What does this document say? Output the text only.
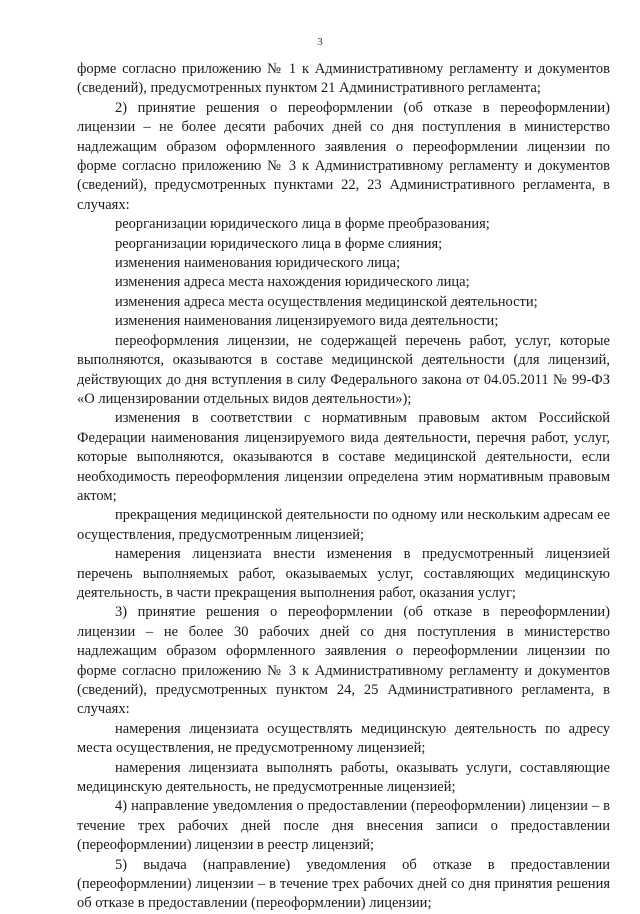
3

форме согласно приложению № 1 к Административному регламенту и документов (сведений), предусмотренных пунктом 21 Административного регламента;

2) принятие решения о переоформлении (об отказе в переоформлении) лицензии – не более десяти рабочих дней со дня поступления в министерство надлежащим образом оформленного заявления о переоформлении лицензии по форме согласно приложению № 3 к Административному регламенту и документов (сведений), предусмотренных пунктами 22, 23 Административного регламента, в случаях:

реорганизации юридического лица в форме преобразования;

реорганизации юридического лица в форме слияния;

изменения наименования юридического лица;

изменения адреса места нахождения юридического лица;

изменения адреса места осуществления медицинской деятельности;

изменения наименования лицензируемого вида деятельности;

переоформления лицензии, не содержащей перечень работ, услуг, которые выполняются, оказываются в составе медицинской деятельности (для лицензий, действующих до дня вступления в силу Федерального закона от 04.05.2011 № 99-ФЗ «О лицензировании отдельных видов деятельности»);

изменения в соответствии с нормативным правовым актом Российской Федерации наименования лицензируемого вида деятельности, перечня работ, услуг, которые выполняются, оказываются в составе медицинской деятельности, если необходимость переоформления лицензии определена этим нормативным правовым актом;

прекращения медицинской деятельности по одному или нескольким адресам ее осуществления, предусмотренным лицензией;

намерения лицензиата внести изменения в предусмотренный лицензией перечень выполняемых работ, оказываемых услуг, составляющих медицинскую деятельность, в части прекращения выполнения работ, оказания услуг;

3) принятие решения о переоформлении (об отказе в переоформлении) лицензии – не более 30 рабочих дней со дня поступления в министерство надлежащим образом оформленного заявления о переоформлении лицензии по форме согласно приложению № 3 к Административному регламенту и документов (сведений), предусмотренных пунктом 24, 25 Административного регламента, в случаях:

намерения лицензиата осуществлять медицинскую деятельность по адресу места осуществления, не предусмотренному лицензией;

намерения лицензиата выполнять работы, оказывать услуги, составляющие медицинскую деятельность, не предусмотренные лицензией;

4) направление уведомления о предоставлении (переоформлении) лицензии – в течение трех рабочих дней после дня внесения записи о предоставлении (переоформлении) лицензии в реестр лицензий;

5) выдача (направление) уведомления об отказе в предоставлении (переоформлении) лицензии – в течение трех рабочих дней со дня принятия решения об отказе в предоставлении (переоформлении) лицензии;
